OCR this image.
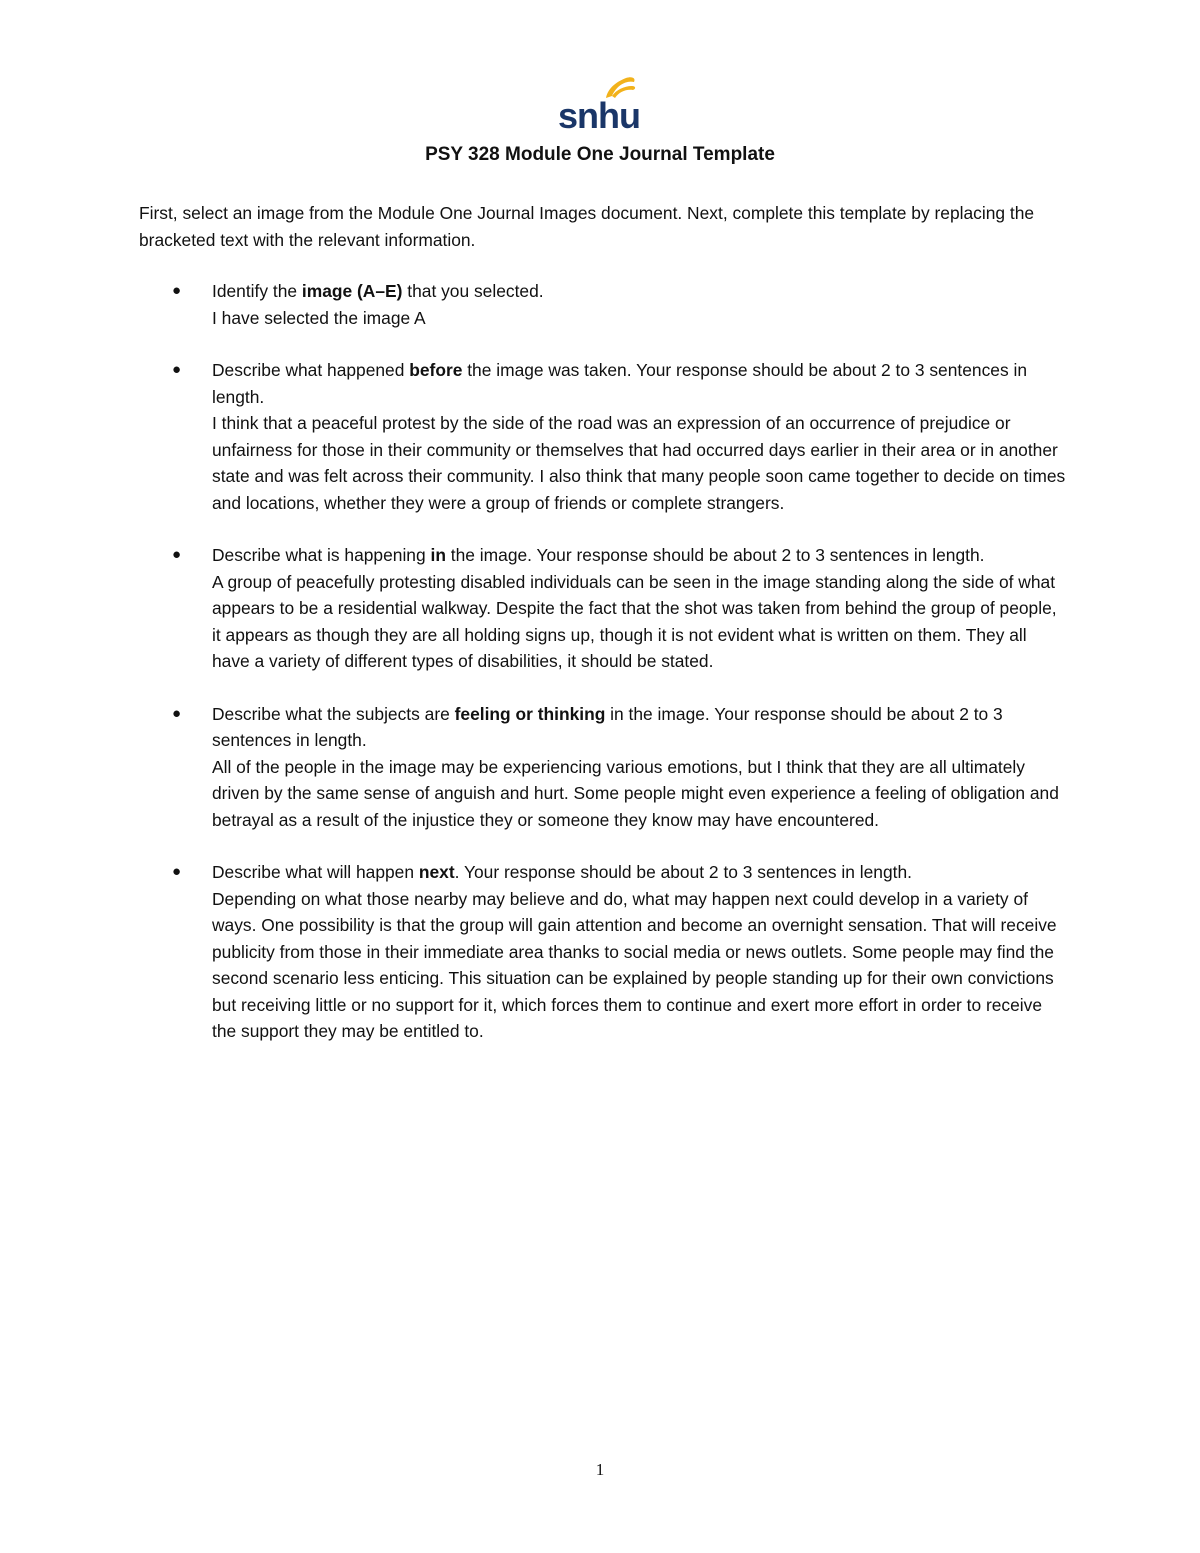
snhu
PSY 328 Module One Journal Template
First, select an image from the Module One Journal Images document. Next, complete this template by replacing the bracketed text with the relevant information.
● Identify the image (A–E) that you selected.
I have selected the image A
● Describe what happened before the image was taken. Your response should be about 2 to 3 sentences in length.
I think that a peaceful protest by the side of the road was an expression of an occurrence of prejudice or unfairness for those in their community or themselves that had occurred days earlier in their area or in another state and was felt across their community. I also think that many people soon came together to decide on times and locations, whether they were a group of friends or complete strangers.
● Describe what is happening in the image. Your response should be about 2 to 3 sentences in length.
A group of peacefully protesting disabled individuals can be seen in the image standing along the side of what appears to be a residential walkway. Despite the fact that the shot was taken from behind the group of people, it appears as though they are all holding signs up, though it is not evident what is written on them. They all have a variety of different types of disabilities, it should be stated.
● Describe what the subjects are feeling or thinking in the image. Your response should be about 2 to 3 sentences in length.
All of the people in the image may be experiencing various emotions, but I think that they are all ultimately driven by the same sense of anguish and hurt. Some people might even experience a feeling of obligation and betrayal as a result of the injustice they or someone they know may have encountered.
● Describe what will happen next. Your response should be about 2 to 3 sentences in length.
Depending on what those nearby may believe and do, what may happen next could develop in a variety of ways. One possibility is that the group will gain attention and become an overnight sensation. That will receive publicity from those in their immediate area thanks to social media or news outlets. Some people may find the second scenario less enticing. This situation can be explained by people standing up for their own convictions but receiving little or no support for it, which forces them to continue and exert more effort in order to receive the support they may be entitled to.
1
